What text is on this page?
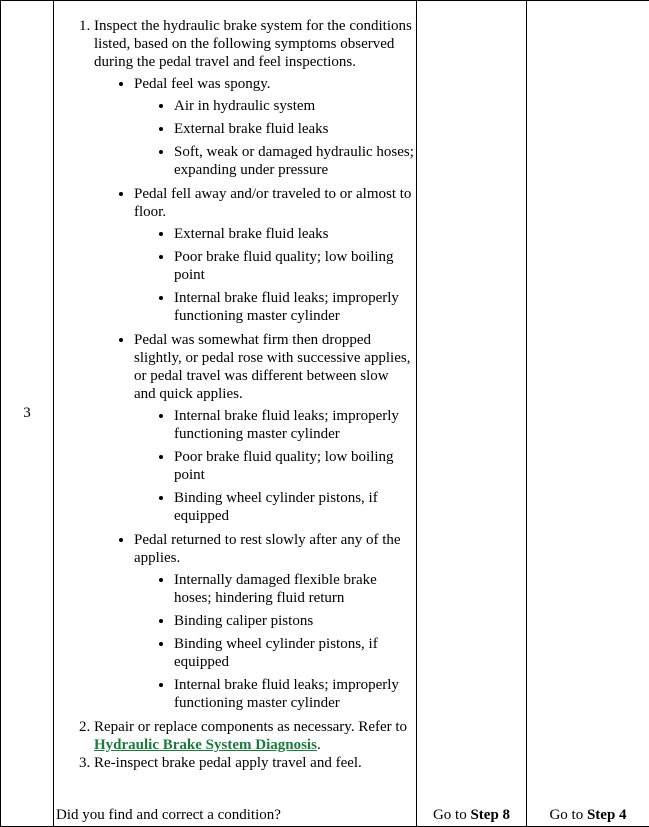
3	
1. Inspect the hydraulic brake system for the conditions listed, based on the following symptoms observed during the pedal travel and feel inspections.
• Pedal feel was spongy.
• Air in hydraulic system
• External brake fluid leaks
• Soft, weak or damaged hydraulic hoses; expanding under pressure
• Pedal fell away and/or traveled to or almost to floor.
• External brake fluid leaks
• Poor brake fluid quality; low boiling point
• Internal brake fluid leaks; improperly functioning master cylinder
• Pedal was somewhat firm then dropped slightly, or pedal rose with successive applies, or pedal travel was different between slow and quick applies.
• Internal brake fluid leaks; improperly functioning master cylinder
• Poor brake fluid quality; low boiling point
• Binding wheel cylinder pistons, if equipped
• Pedal returned to rest slowly after any of the applies.
• Internally damaged flexible brake hoses; hindering fluid return
• Binding caliper pistons
• Binding wheel cylinder pistons, if equipped
• Internal brake fluid leaks; improperly functioning master cylinder
2. Repair or replace components as necessary. Refer to Hydraulic Brake System Diagnosis.
3. Re-inspect brake pedal apply travel and feel.
Did you find and correct a condition?	Go to Step 8	Go to Step 4
